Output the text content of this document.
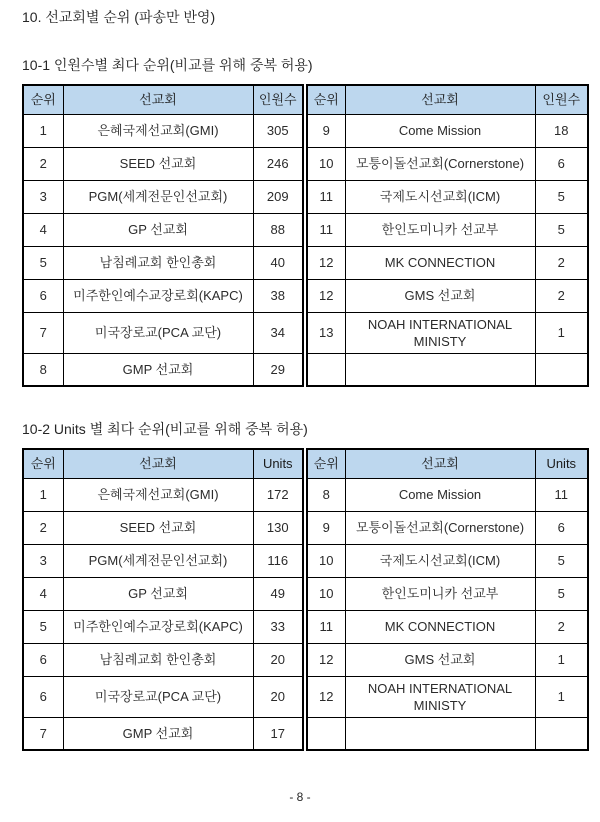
10. 선교회별 순위 (파송만 반영)
10-1 인원수별 최다 순위(비교를 위해 중복 허용)
순위	선교회	인원수	순위	선교회	인원수
1	은혜국제선교회(GMI)	305	9	Come Mission	18
2	SEED 선교회	246	10	모퉁이돌선교회(Cornerstone)	6
3	PGM(세계전문인선교회)	209	11	국제도시선교회(ICM)	5
4	GP 선교회	88	11	한인도미니카 선교부	5
5	남침례교회 한인총회	40	12	MK CONNECTION	2
6	미주한인예수교장로회(KAPC)	38	12	GMS 선교회	2
7	미국장로교(PCA 교단)	34	13	NOAH INTERNATIONAL MINISTY	1
8	GMP 선교회	29			
10-2 Units 별 최다 순위(비교를 위해 중복 허용)
순위	선교회	Units	순위	선교회	Units
1	은혜국제선교회(GMI)	172	8	Come Mission	11
2	SEED 선교회	130	9	모퉁이돌선교회(Cornerstone)	6
3	PGM(세계전문인선교회)	116	10	국제도시선교회(ICM)	5
4	GP 선교회	49	10	한인도미니카 선교부	5
5	미주한인예수교장로회(KAPC)	33	11	MK CONNECTION	2
6	남침례교회 한인총회	20	12	GMS 선교회	1
6	미국장로교(PCA 교단)	20	12	NOAH INTERNATIONAL MINISTY	1
7	GMP 선교회	17			
- 8 -
